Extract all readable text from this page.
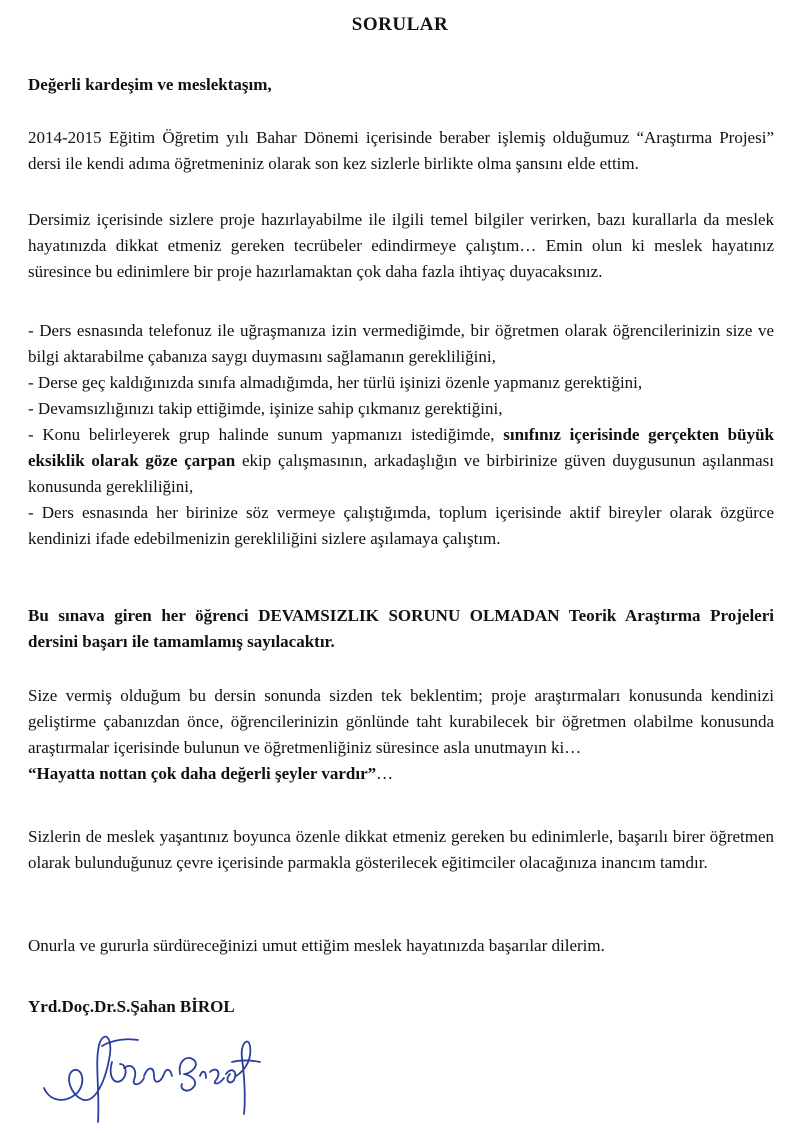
SORULAR

Değerli kardeşim ve meslektaşım,

2014-2015 Eğitim Öğretim yılı Bahar Dönemi içerisinde beraber işlemiş olduğumuz “Araştırma Projesi” dersi ile kendi adıma öğretmeniniz olarak son kez sizlerle birlikte olma şansını elde ettim.

Dersimiz içerisinde sizlere proje hazırlayabilme ile ilgili temel bilgiler verirken, bazı kurallarla da meslek hayatınızda dikkat etmeniz gereken tecrübeler edindirmeye çalıştım… Emin olun ki meslek hayatınız süresince bu edinimlere bir proje hazırlamaktan çok daha fazla ihtiyaç duyacaksınız.

- Ders esnasında telefonuz ile uğraşmanıza izin vermediğimde, bir öğretmen olarak öğrencilerinizin size ve bilgi aktarabilme çabanıza saygı duymasını sağlamanın gerekliliğini,
- Derse geç kaldığınızda sınıfa almadığımda, her türlü işinizi özenle yapmanız gerektiğini,
- Devamsızlığınızı takip ettiğimde, işinize sahip çıkmanız gerektiğini,
- Konu belirleyerek grup halinde sunum yapmanızı istediğimde, sınıfınız içerisinde gerçekten büyük eksiklik olarak göze çarpan ekip çalışmasının, arkadaşlığın ve birbirinize güven duygusunun aşılanması konusunda gerekliliğini,
- Ders esnasında her birinize söz vermeye çalıştığımda, toplum içerisinde aktif bireyler olarak özgürce kendinizi ifade edebilmenizin gerekliliğini sizlere aşılamaya çalıştım.

Bu sınava giren her öğrenci DEVAMSIZLIK SORUNU OLMADAN Teorik Araştırma Projeleri dersini başarı ile tamamlamış sayılacaktır.

Size vermiş olduğum bu dersin sonunda sizden tek beklentim; proje araştırmaları konusunda kendinizi geliştirme çabanızdan önce, öğrencilerinizin gönlünde taht kurabilecek bir öğretmen olabilme konusunda araştırmalar içerisinde bulunun ve öğretmenliğiniz süresince asla unutmayın ki…
“Hayatta nottan çok daha değerli şeyler vardır”…

Sizlerin de meslek yaşantınız boyunca özenle dikkat etmeniz gereken bu edinimlerle, başarılı birer öğretmen olarak bulunduğunuz çevre içerisinde parmakla gösterilecek eğitimciler olacağınıza inancım tamdır.

Onurla ve gururla sürdüreceğinizi umut ettiğim meslek hayatınızda başarılar dilerim.

Yrd.Doç.Dr.S.Şahan BİROL
